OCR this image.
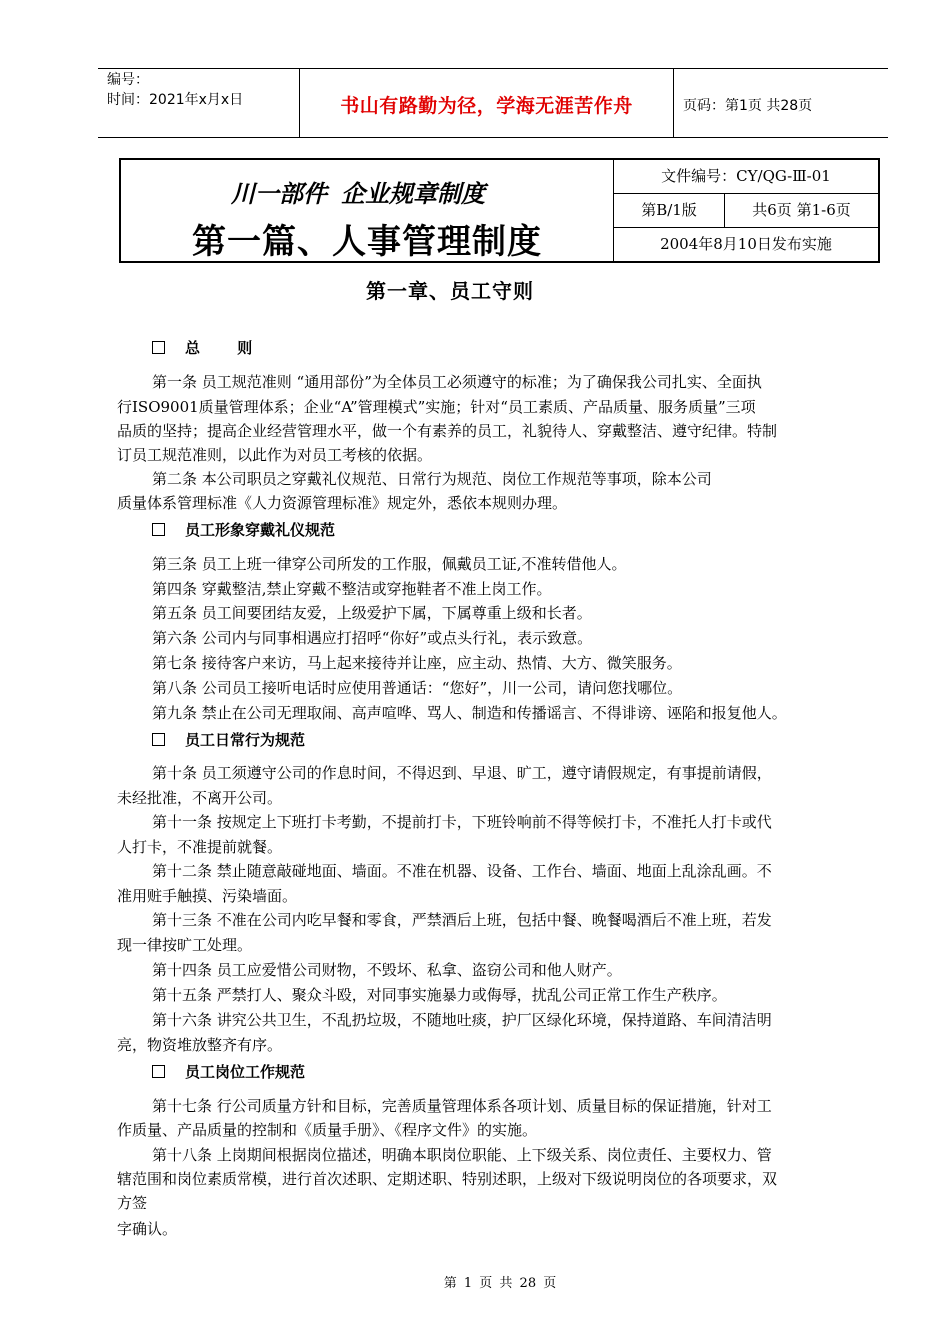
编号：
时间：2021年x月x日	书山有路勤为径，学海无涯苦作舟	页码：第1页 共28页
川一部件 企业规章制度
第一篇、人事管理制度
文件编号：CY/QG-Ⅲ-01
第B/1版	共6页 第1-6页
2004年8月10日发布实施
第一章、员工守则
总 则
第一条 员工规范准则 “通用部份”为全体员工必须遵守的标准；为了确保我公司扎实、全面执
行ISO9001质量管理体系；企业“A”管理模式”实施；针对“员工素质、产品质量、服务质量”三项
品质的坚持；提高企业经营管理水平，做一个有素养的员工，礼貌待人、穿戴整洁、遵守纪律。特制
订员工规范准则，以此作为对员工考核的依据。
第二条 本公司职员之穿戴礼仪规范、日常行为规范、岗位工作规范等事项，除本公司
质量体系管理标准《人力资源管理标准》规定外，悉依本规则办理。
员工形象穿戴礼仪规范
第三条 员工上班一律穿公司所发的工作服，佩戴员工证,不准转借他人。
第四条 穿戴整洁,禁止穿戴不整洁或穿拖鞋者不准上岗工作。
第五条 员工间要团结友爱，上级爱护下属，下属尊重上级和长者。
第六条 公司内与同事相遇应打招呼“你好”或点头行礼，表示致意。
第七条 接待客户来访，马上起来接待并让座，应主动、热情、大方、微笑服务。
第八条 公司员工接听电话时应使用普通话：“您好”，川一公司，请问您找哪位。
第九条 禁止在公司无理取闹、高声喧哗、骂人、制造和传播谣言、不得诽谤、诬陷和报复他人。
员工日常行为规范
第十条 员工须遵守公司的作息时间，不得迟到、早退、旷工，遵守请假规定，有事提前请假，
未经批准，不离开公司。
第十一条 按规定上下班打卡考勤，不提前打卡，下班铃响前不得等候打卡，不准托人打卡或代
人打卡，不准提前就餐。
第十二条 禁止随意敲碰地面、墙面。不准在机器、设备、工作台、墙面、地面上乱涂乱画。不
准用赃手触摸、污染墙面。
第十三条 不准在公司内吃早餐和零食，严禁酒后上班，包括中餐、晚餐喝酒后不准上班，若发
现一律按旷工处理。
第十四条 员工应爱惜公司财物，不毁坏、私拿、盗窃公司和他人财产。
第十五条 严禁打人、聚众斗殴，对同事实施暴力或侮辱，扰乱公司正常工作生产秩序。
第十六条 讲究公共卫生，不乱扔垃圾，不随地吐痰，护厂区绿化环境，保持道路、车间清洁明
亮，物资堆放整齐有序。
员工岗位工作规范
第十七条 行公司质量方针和目标，完善质量管理体系各项计划、质量目标的保证措施，针对工
作质量、产品质量的控制和《质量手册》、《程序文件》的实施。
第十八条 上岗期间根据岗位描述，明确本职岗位职能、上下级关系、岗位责任、主要权力、管
辖范围和岗位素质常模，进行首次述职、定期述职、特别述职，上级对下级说明岗位的各项要求，双
方签
字确认。
第 1 页 共 28 页
